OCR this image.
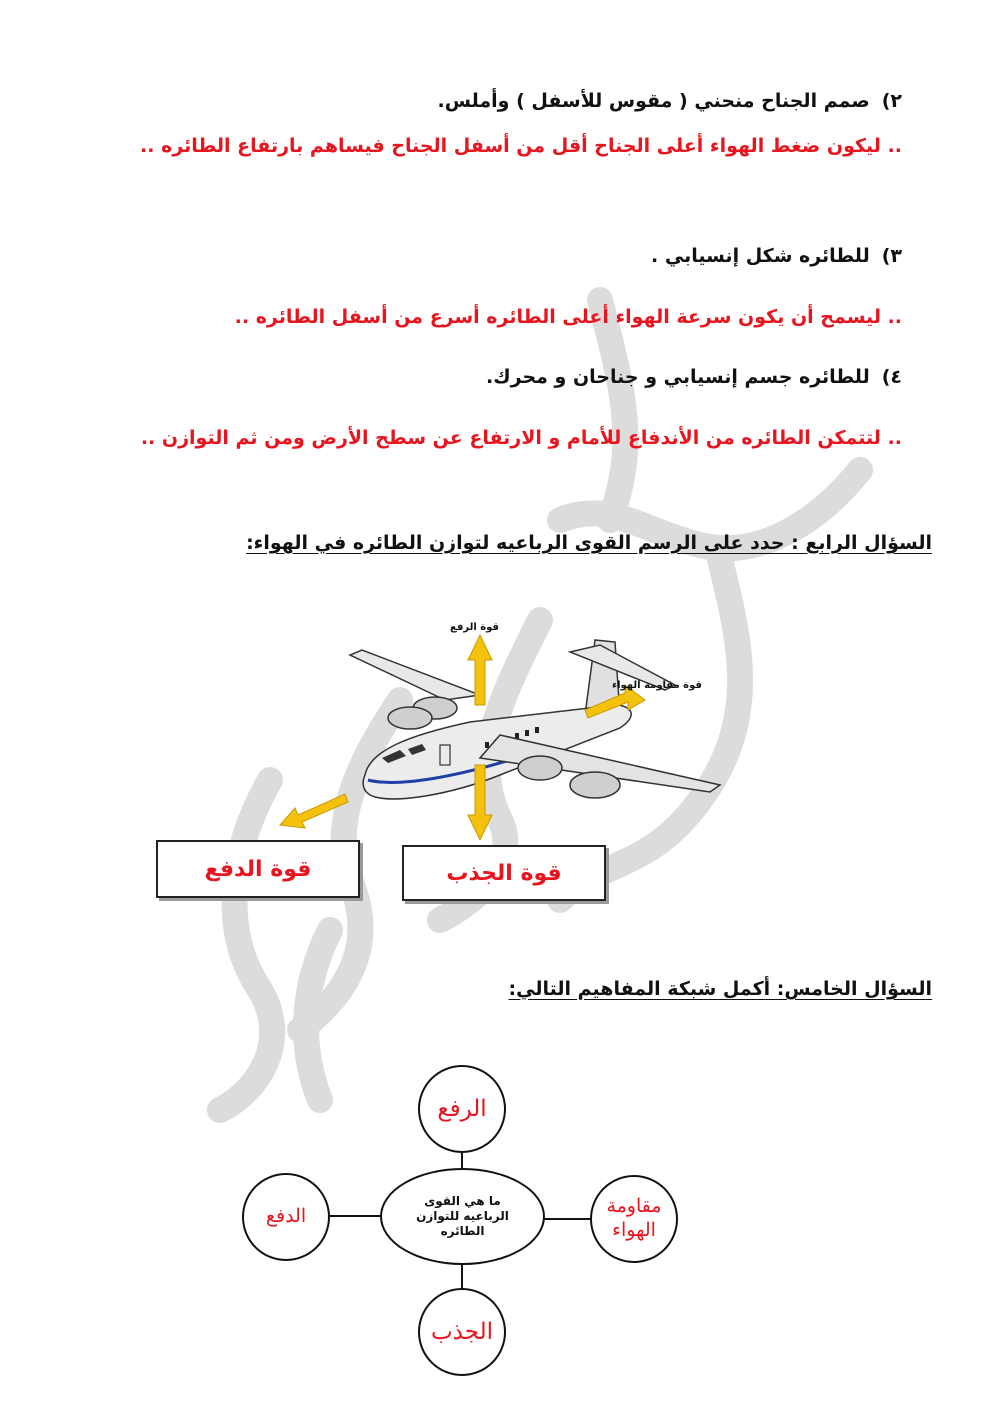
٢)صمم الجناح منحني ( مقوس للأسفل ) وأملس.
.. ليكون ضغط الهواء أعلى الجناح أقل من أسفل الجناح فيساهم بارتفاع الطائره ..
٣)للطائره شكل إنسيابي .
.. ليسمح أن يكون سرعة الهواء أعلى الطائره أسرع من أسفل الطائره ..
٤)للطائره جسم إنسيابي و جناحان و محرك.
.. لتتمكن الطائره من الأندفاع للأمام و الارتفاع عن سطح الأرض ومن ثم التوازن ..
السؤال الرابع : حدد على الرسم القوى الرباعيه لتوازن الطائره في الهواء:
قوة الرفع
قوة مقاومة الهواء
قوة الدفع	قوة الجذب
السؤال الخامس: أكمل شبكة المفاهيم التالي:
الرفع
الدفع	مقاومة الهواء
الجذب
ما هي القوى الرباعيه للتوازن الطائره
